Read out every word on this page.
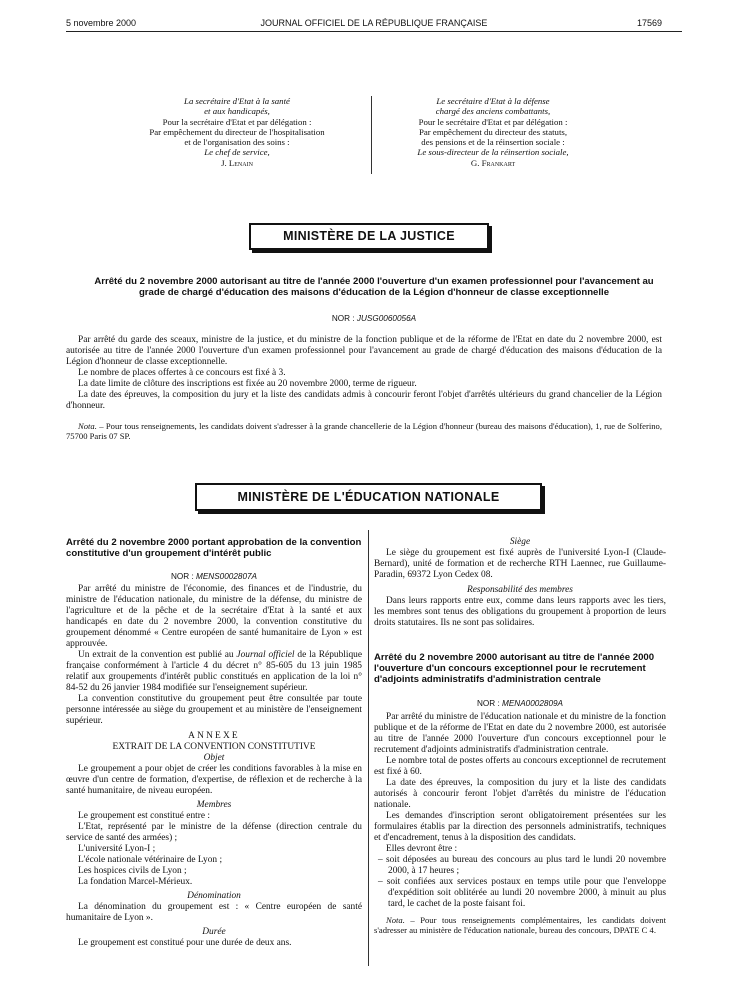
5 novembre 2000	JOURNAL OFFICIEL DE LA RÉPUBLIQUE FRANÇAISE	17569
La secrétaire d'Etat à la santé
et aux handicapés,
Pour la secrétaire d'Etat et par délégation :
Par empêchement du directeur de l'hospitalisation
et de l'organisation des soins :
Le chef de service,
J. Lenain
Le secrétaire d'Etat à la défense
chargé des anciens combattants,
Pour le secrétaire d'Etat et par délégation :
Par empêchement du directeur des statuts,
des pensions et de la réinsertion sociale :
Le sous-directeur de la réinsertion sociale,
G. Frankart
MINISTÈRE DE LA JUSTICE
Arrêté du 2 novembre 2000 autorisant au titre de l'année 2000 l'ouverture d'un examen professionnel pour l'avancement au grade de chargé d'éducation des maisons d'éducation de la Légion d'honneur de classe exceptionnelle
NOR : JUSG0060056A

Par arrêté du garde des sceaux, ministre de la justice, et du ministre de la fonction publique et de la réforme de l'Etat en date du 2 novembre 2000, est autorisée au titre de l'année 2000 l'ouverture d'un examen professionnel pour l'avancement au grade de chargé d'éducation des maisons d'éducation de la Légion d'honneur de classe exceptionnelle.

Le nombre de places offertes à ce concours est fixé à 3.

La date limite de clôture des inscriptions est fixée au 20 novembre 2000, terme de rigueur.

La date des épreuves, la composition du jury et la liste des candidats admis à concourir feront l'objet d'arrêtés ultérieurs du grand chancelier de la Légion d'honneur.

Nota. – Pour tous renseignements, les candidats doivent s'adresser à la grande chancellerie de la Légion d'honneur (bureau des maisons d'éducation), 1, rue de Solferino, 75700 Paris 07 SP.

MINISTÈRE DE L'ÉDUCATION NATIONALE
Arrêté du 2 novembre 2000 portant approbation de la convention constitutive d'un groupement d'intérêt public
NOR : MENS0002807A

Par arrêté du ministre de l'économie, des finances et de l'industrie, du ministre de l'éducation nationale, du ministre de la défense, du ministre de l'agriculture et de la pêche et de la secrétaire d'Etat à la santé et aux handicapés en date du 2 novembre 2000, la convention constitutive du groupement dénommé « Centre européen de santé humanitaire de Lyon » est approuvée.

Un extrait de la convention est publié au Journal officiel de la République française conformément à l'article 4 du décret n° 85-605 du 13 juin 1985 relatif aux groupements d'intérêt public constitués en application de la loi n° 84-52 du 26 janvier 1984 modifiée sur l'enseignement supérieur.

La convention constitutive du groupement peut être consultée par toute personne intéressée au siège du groupement et au ministère de l'enseignement supérieur.

ANNEXE

EXTRAIT DE LA CONVENTION CONSTITUTIVE

Objet

Le groupement a pour objet de créer les conditions favorables à la mise en œuvre d'un centre de formation, d'expertise, de réflexion et de recherche à la santé humanitaire, de niveau européen.

Membres

Le groupement est constitué entre :

L'Etat, représenté par le ministre de la défense (direction centrale du service de santé des armées) ;

L'université Lyon-I ;

L'école nationale vétérinaire de Lyon ;

Les hospices civils de Lyon ;

La fondation Marcel-Mérieux.

Dénomination

La dénomination du groupement est : « Centre européen de santé humanitaire de Lyon ».

Durée

Le groupement est constitué pour une durée de deux ans.

Siège

Le siège du groupement est fixé auprès de l'université Lyon-I (Claude-Bernard), unité de formation et de recherche RTH Laennec, rue Guillaume-Paradin, 69372 Lyon Cedex 08.

Responsabilité des membres

Dans leurs rapports entre eux, comme dans leurs rapports avec les tiers, les membres sont tenus des obligations du groupement à proportion de leurs droits statutaires. Ils ne sont pas solidaires.

Arrêté du 2 novembre 2000 autorisant au titre de l'année 2000 l'ouverture d'un concours exceptionnel pour le recrutement d'adjoints administratifs d'administration centrale
NOR : MENA0002809A

Par arrêté du ministre de l'éducation nationale et du ministre de la fonction publique et de la réforme de l'Etat en date du 2 novembre 2000, est autorisée au titre de l'année 2000 l'ouverture d'un concours exceptionnel pour le recrutement d'adjoints administratifs d'administration centrale.

Le nombre total de postes offerts au concours exceptionnel de recrutement est fixé à 60.

La date des épreuves, la composition du jury et la liste des candidats autorisés à concourir feront l'objet d'arrêtés du ministre de l'éducation nationale.

Les demandes d'inscription seront obligatoirement présentées sur les formulaires établis par la direction des personnels administratifs, techniques et d'encadrement, tenus à la disposition des candidats.

Elles devront être :

– soit déposées au bureau des concours au plus tard le lundi 20 novembre 2000, à 17 heures ;

– soit confiées aux services postaux en temps utile pour que l'enveloppe d'expédition soit oblitérée au lundi 20 novembre 2000, à minuit au plus tard, le cachet de la poste faisant foi.

Nota. – Pour tous renseignements complémentaires, les candidats doivent s'adresser au ministère de l'éducation nationale, bureau des concours, DPATE C 4.
